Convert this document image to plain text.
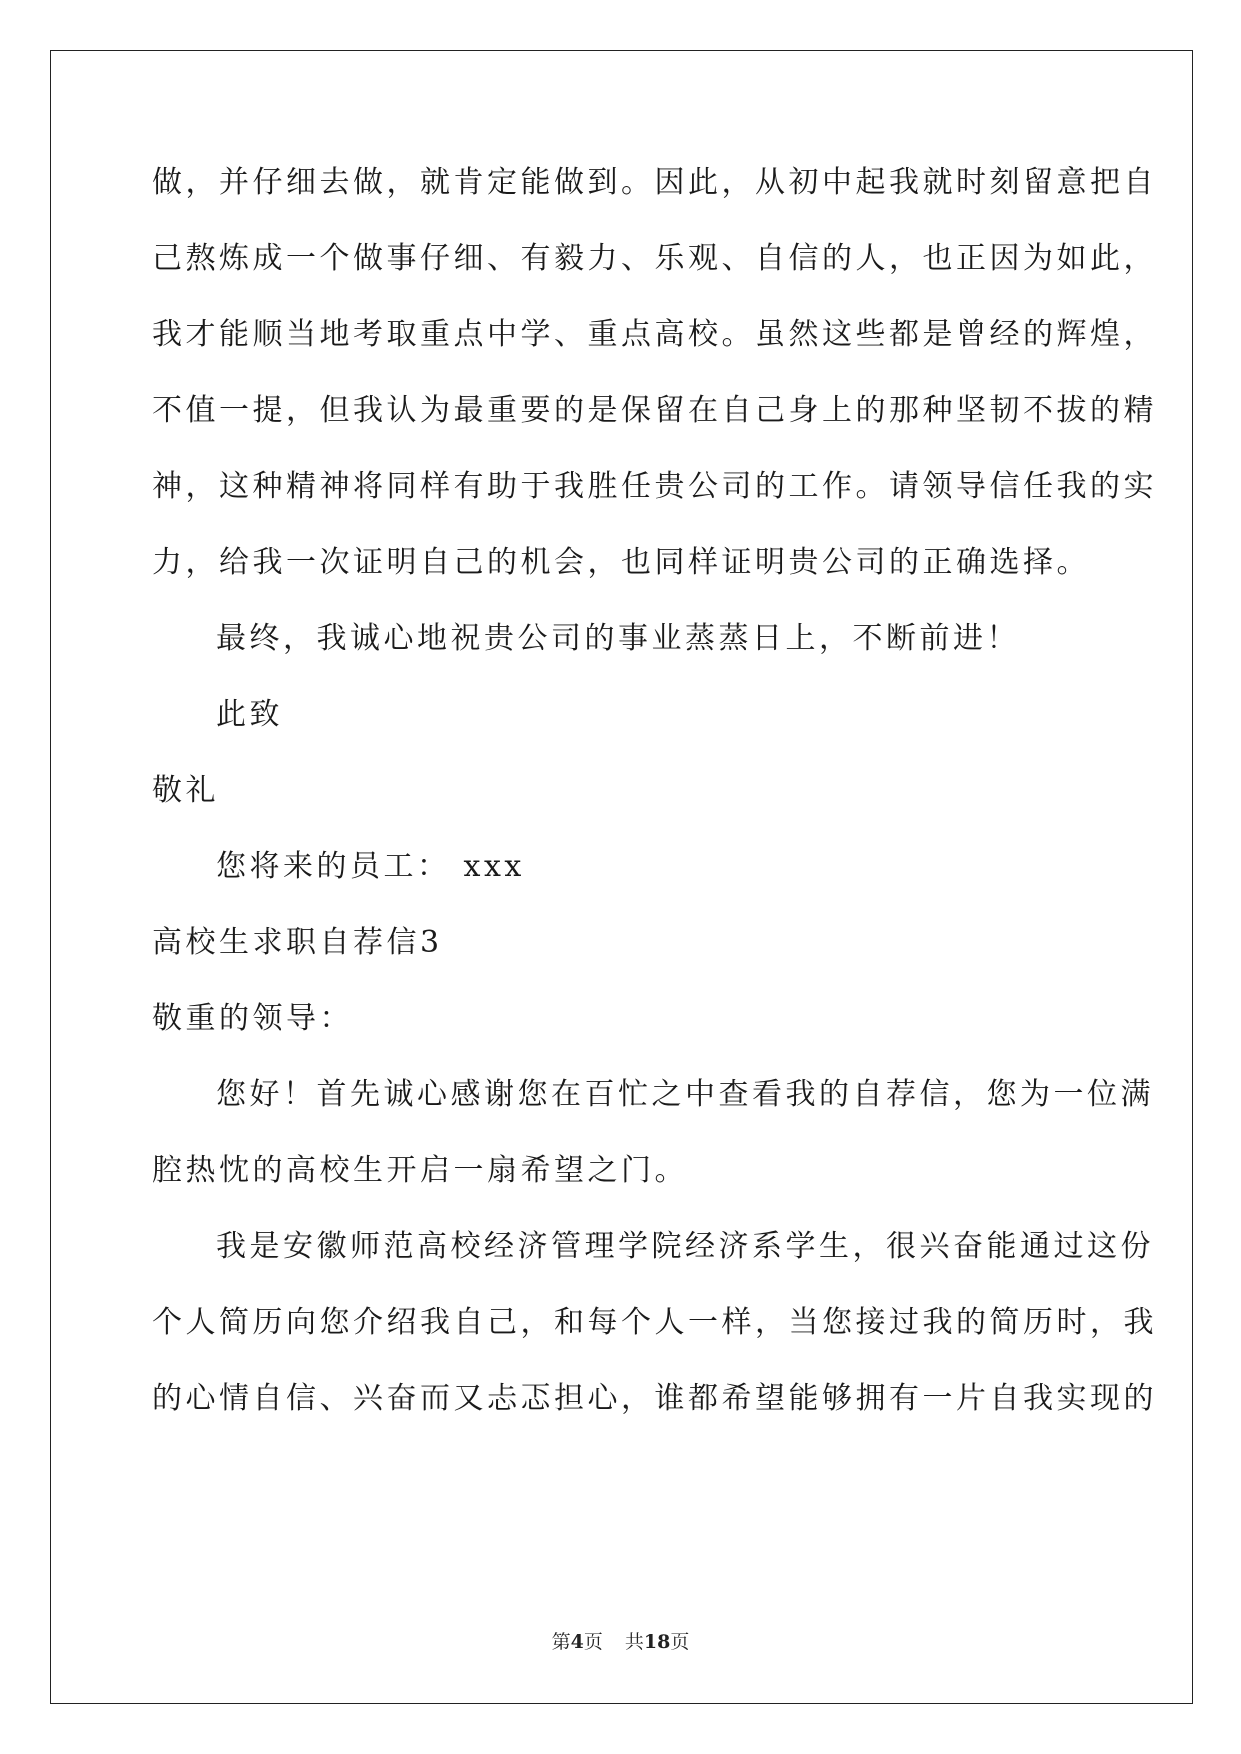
做，并仔细去做，就肯定能做到。因此，从初中起我就时刻留意把自
己熬炼成一个做事仔细、有毅力、乐观、自信的人，也正因为如此，
我才能顺当地考取重点中学、重点高校。虽然这些都是曾经的辉煌，
不值一提，但我认为最重要的是保留在自己身上的那种坚韧不拔的精
神，这种精神将同样有助于我胜任贵公司的工作。请领导信任我的实
力，给我一次证明自己的机会，也同样证明贵公司的正确选择。
最终，我诚心地祝贵公司的事业蒸蒸日上，不断前进！
此致
敬礼
您将来的员工： xxx
高校生求职自荐信3
敬重的领导：
您好！首先诚心感谢您在百忙之中查看我的自荐信，您为一位满
腔热忱的高校生开启一扇希望之门。
我是安徽师范高校经济管理学院经济系学生，很兴奋能通过这份
个人简历向您介绍我自己，和每个人一样，当您接过我的简历时，我
的心情自信、兴奋而又忐忑担心，谁都希望能够拥有一片自我实现的
第4页 共18页
